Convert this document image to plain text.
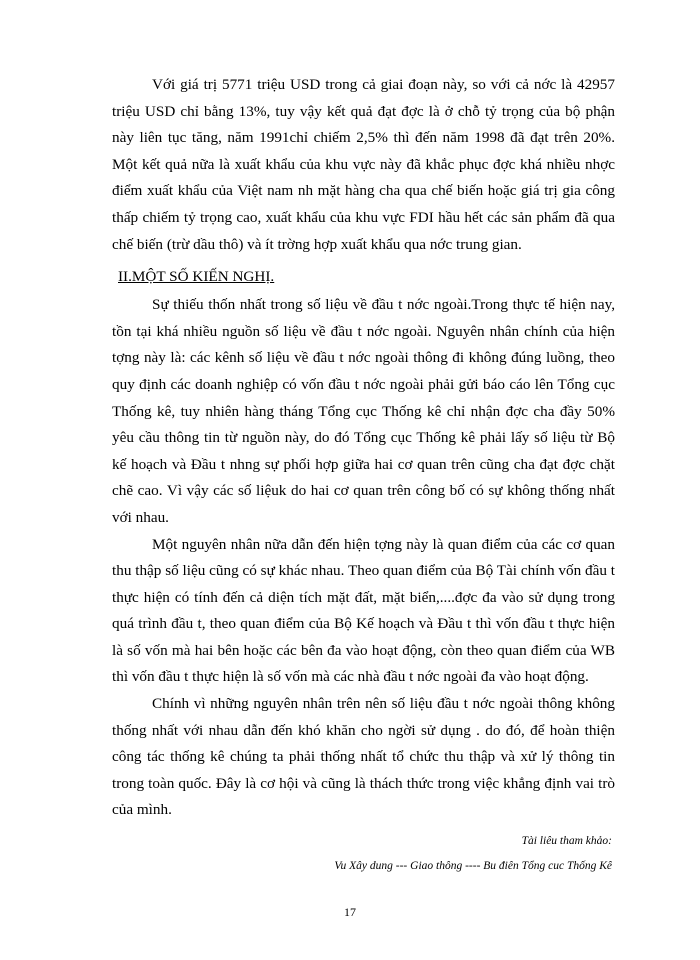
Với giá trị 5771 triệu USD trong cả giai đoạn này, so với cả nớc là 42957 triệu USD chỉ bằng 13%, tuy vậy kết quả đạt đợc là ở chỗ tỷ trọng của bộ phận này liên tục tăng, năm 1991chỉ chiếm 2,5% thì đến năm 1998 đã đạt trên 20%. Một kết quả nữa là xuất khẩu của khu vực này đã khắc phục đợc khá nhiều nhợc điểm xuất khẩu của Việt nam nh mặt hàng cha qua chế biến hoặc giá trị gia công thấp chiếm tỷ trọng cao, xuất khẩu của khu vực FDI hầu hết các sản phẩm đã qua chế biến (trừ dầu thô) và ít trờng hợp xuất khẩu qua nớc trung gian.

II.MỘT SỐ KIẾN NGHỊ.

Sự thiếu thốn nhất trong số liệu về đầu t nớc ngoài.Trong thực tế hiện nay, tồn tại khá nhiều nguồn số liệu về đầu t nớc ngoài. Nguyên nhân chính của hiện tợng này là: các kênh số liệu về đầu t nớc ngoài thông đi không đúng luồng, theo quy định các doanh nghiệp có vốn đầu t nớc ngoài phải gửi báo cáo lên Tổng cục Thống kê, tuy nhiên hàng tháng Tổng cục Thống kê chỉ nhận đợc cha đầy 50% yêu cầu thông tin từ nguồn này, do đó Tổng cục Thống kê phải lấy số liệu từ Bộ kế hoạch và Đầu t nhng sự phối hợp giữa hai cơ quan trên cũng cha đạt đợc chặt chẽ cao. Vì vậy các số liệuk do hai cơ quan trên công bố có sự không thống nhất với nhau.

Một nguyên nhân nữa dẫn đến hiện tợng này là quan điểm của các cơ quan thu thập số liệu cũng có sự khác nhau. Theo quan điểm của Bộ Tài chính vốn đầu t thực hiện có tính đến cả diện tích mặt đất, mặt biển,....đợc đa vào sử dụng trong quá trình đầu t, theo quan điểm của Bộ Kế hoạch và Đầu t thì vốn đầu t thực hiện là số vốn mà hai bên hoặc các bên đa vào hoạt động, còn theo quan điểm của WB thì vốn đầu t thực hiện là số vốn mà các nhà đầu t nớc ngoài đa vào hoạt động.

Chính vì những nguyên nhân trên nên số liệu đầu t nớc ngoài thông không thống nhất với nhau dẫn đến khó khăn cho ngời sử dụng . do đó, để hoàn thiện công tác thống kê chúng ta phải thống nhất tổ chức thu thập và xử lý thông tin trong toàn quốc. Đây là cơ hội và cũng là thách thức trong việc khẳng định vai trò của mình.

Tài liêu tham khảo:
Vu Xây dung --- Giao thông ---- Bu điên Tổng cuc Thống Kê
17
